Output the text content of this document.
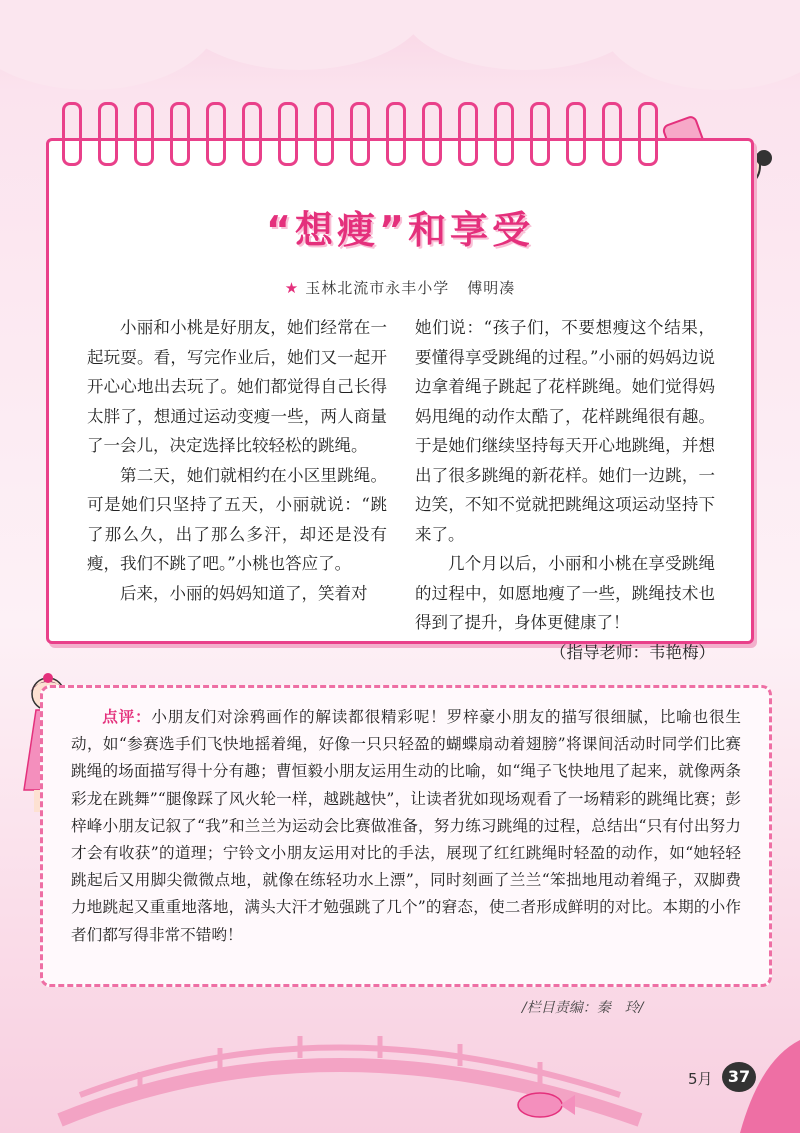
“想瘦”和享受
★ 玉林北流市永丰小学 傅明凑

小丽和小桃是好朋友，她们经常在一起玩耍。看，写完作业后，她们又一起开开心心地出去玩了。她们都觉得自己长得太胖了，想通过运动变瘦一些，两人商量了一会儿，决定选择比较轻松的跳绳。

第二天，她们就相约在小区里跳绳。可是她们只坚持了五天，小丽就说：“跳了那么久，出了那么多汗，却还是没有瘦，我们不跳了吧。”小桃也答应了。

后来，小丽的妈妈知道了，笑着对

她们说：“孩子们，不要想瘦这个结果，要懂得享受跳绳的过程。”小丽的妈妈边说边拿着绳子跳起了花样跳绳。她们觉得妈妈甩绳的动作太酷了，花样跳绳很有趣。于是她们继续坚持每天开心地跳绳，并想出了很多跳绳的新花样。她们一边跳，一边笑，不知不觉就把跳绳这项运动坚持下来了。

几个月以后，小丽和小桃在享受跳绳的过程中，如愿地瘦了一些，跳绳技术也得到了提升，身体更健康了！

（指导老师：韦艳梅）

点评：小朋友们对涂鸦画作的解读都很精彩呢！罗梓豪小朋友的描写很细腻，比喻也很生动，如“参赛选手们飞快地摇着绳，好像一只只轻盈的蝴蝶扇动着翅膀”将课间活动时同学们比赛跳绳的场面描写得十分有趣；曹恒毅小朋友运用生动的比喻，如“绳子飞快地甩了起来，就像两条彩龙在跳舞”“腿像踩了风火轮一样，越跳越快”，让读者犹如现场观看了一场精彩的跳绳比赛；彭梓峰小朋友记叙了“我”和兰兰为运动会比赛做准备，努力练习跳绳的过程，总结出“只有付出努力才会有收获”的道理；宁铃文小朋友运用对比的手法，展现了红红跳绳时轻盈的动作，如“她轻轻跳起后又用脚尖微微点地，就像在练轻功水上漂”，同时刻画了兰兰“笨拙地甩动着绳子，双脚费力地跳起又重重地落地，满头大汗才勉强跳了几个”的窘态，使二者形成鲜明的对比。本期的小作者们都写得非常不错哟！

/栏目责编：秦　玲/
5月 37
